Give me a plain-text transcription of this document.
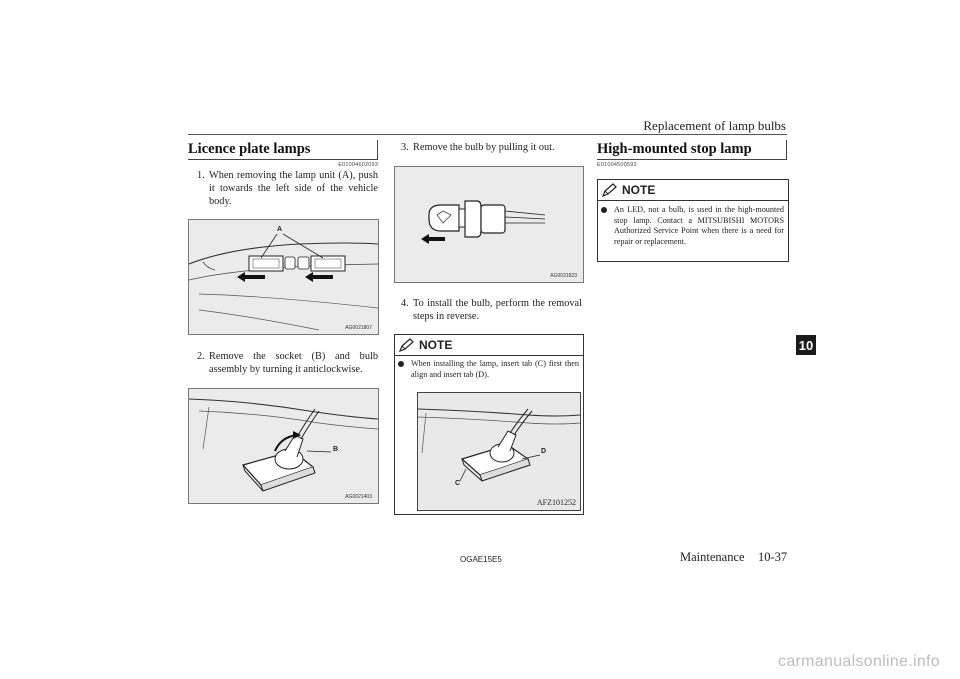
Replacement of lamp bulbs
Licence plate lamps
E01004602093
1. When removing the lamp unit (A), push it towards the left side of the vehicle body.
A
AG0021807
2. Remove the socket (B) and bulb assembly by turning it anticlockwise.
B
AG0021403
3. Remove the bulb by pulling it out.
AG0021823
4. To install the bulb, perform the removal steps in reverse.
NOTE
When installing the lamp, insert tab (C) first then align and insert tab (D).
D
C
AFZ101252
High-mounted stop lamp
E01004500593
NOTE
An LED, not a bulb, is used in the high-mounted stop lamp. Contact a MITSUBISHI MOTORS Authorized Service Point when there is a need for repair or replacement.
10
OGAE15E5	Maintenance 10-37
carmanualsonline.info
